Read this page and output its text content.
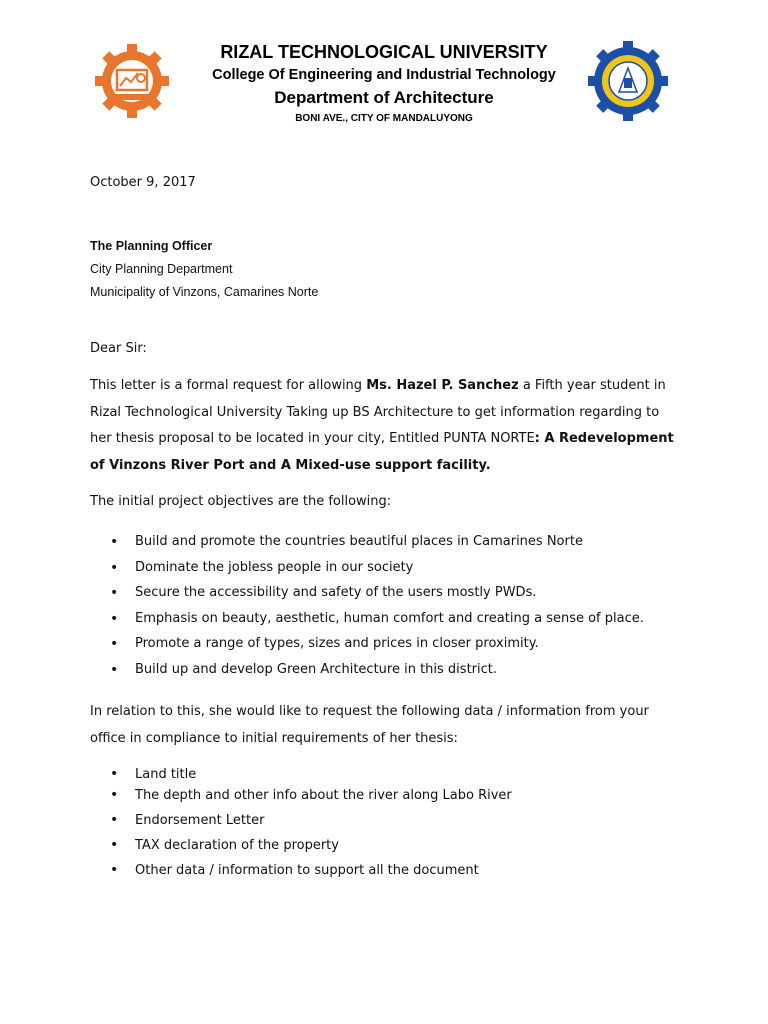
RIZAL TECHNOLOGICAL UNIVERSITY
College Of Engineering and Industrial Technology
Department of Architecture
BONI AVE., CITY OF MANDALUYONG
October 9, 2017
The Planning Officer
City Planning Department
Municipality of Vinzons, Camarines Norte
Dear Sir:
This letter is a formal request for allowing Ms. Hazel P. Sanchez a Fifth year student in Rizal Technological University Taking up BS Architecture to get information regarding to her thesis proposal to be located in your city, Entitled PUNTA NORTE: A Redevelopment of Vinzons River Port and A Mixed-use support facility.
The initial project objectives are the following:
• Build and promote the countries beautiful places in Camarines Norte
• Dominate the jobless people in our society
• Secure the accessibility and safety of the users mostly PWDs.
• Emphasis on beauty, aesthetic, human comfort and creating a sense of place.
• Promote a range of types, sizes and prices in closer proximity.
• Build up and develop Green Architecture in this district.
In relation to this, she would like to request the following data / information from your office in compliance to initial requirements of her thesis:
• Land title
• The depth and other info about the river along Labo River
• Endorsement Letter
• TAX declaration of the property
• Other data / information to support all the document
